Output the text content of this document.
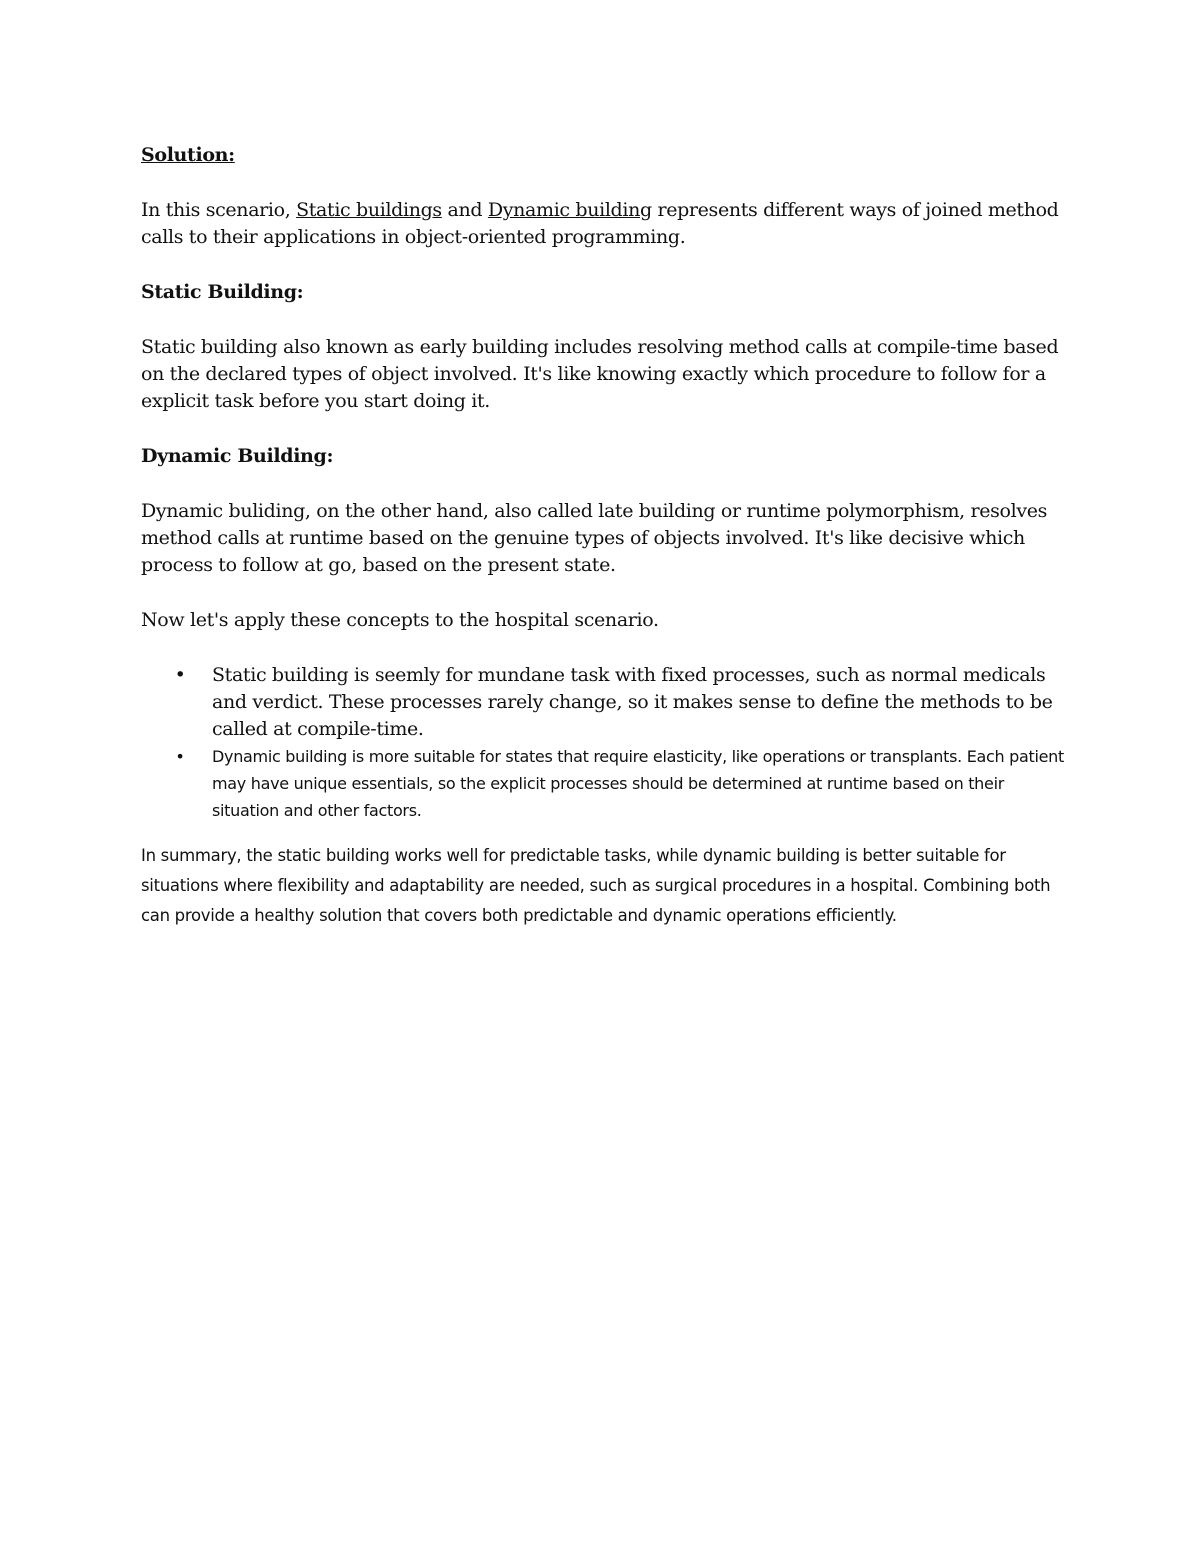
Solution:

In this scenario, Static buildings and Dynamic building represents different ways of joined method calls to their applications in object-oriented programming.

Static Building:

Static building also known as early building includes resolving method calls at compile-time based on the declared types of object involved. It's like knowing exactly which procedure to follow for a explicit task before you start doing it.

Dynamic Building:

Dynamic buliding, on the other hand, also called late building or runtime polymorphism, resolves method calls at runtime based on the genuine types of objects involved. It's like decisive which process to follow at go, based on the present state.

Now let's apply these concepts to the hospital scenario.

• Static building is seemly for mundane task with fixed processes, such as normal medicals and verdict. These processes rarely change, so it makes sense to define the methods to be called at compile-time.
• Dynamic building is more suitable for states that require elasticity, like operations or transplants. Each patient may have unique essentials, so the explicit processes should be determined at runtime based on their situation and other factors.

In summary, the static building works well for predictable tasks, while dynamic building is better suitable for situations where flexibility and adaptability are needed, such as surgical procedures in a hospital. Combining both can provide a healthy solution that covers both predictable and dynamic operations efficiently.
